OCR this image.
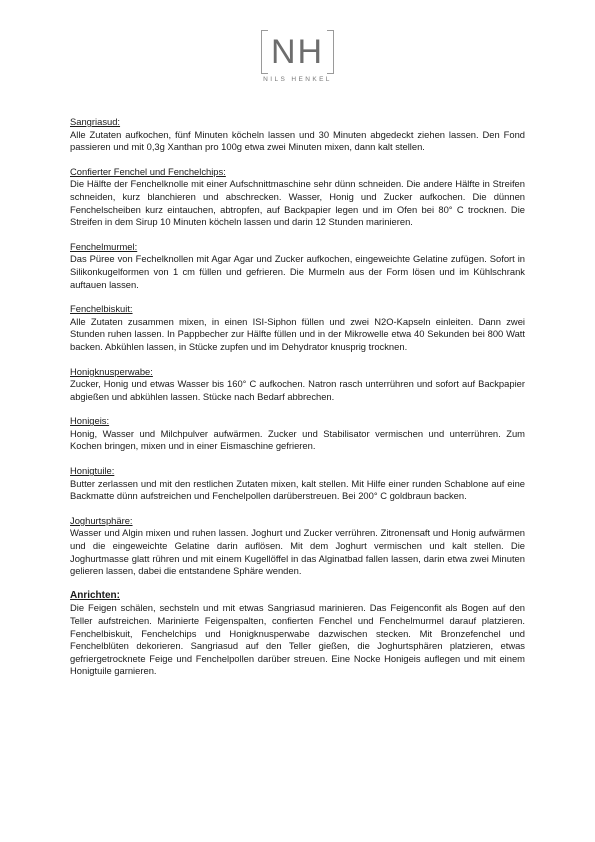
NH
NILS HENKEL
Sangriasud:
Alle Zutaten aufkochen, fünf Minuten köcheln lassen und 30 Minuten abgedeckt ziehen lassen. Den Fond passieren und mit 0,3g Xanthan pro 100g etwa zwei Minuten mixen, dann kalt stellen.
Confierter Fenchel und Fenchelchips:
Die Hälfte der Fenchelknolle mit einer Aufschnittmaschine sehr dünn schneiden. Die andere Hälfte in Streifen schneiden, kurz blanchieren und abschrecken. Wasser, Honig und Zucker aufkochen. Die dünnen Fenchelscheiben kurz eintauchen, abtropfen, auf Backpapier legen und im Ofen bei 80° C trocknen. Die Streifen in dem Sirup 10 Minuten köcheln lassen und darin 12 Stunden marinieren.
Fenchelmurmel:
Das Püree von Fechelknollen mit Agar Agar und Zucker aufkochen, eingeweichte Gelatine zufügen. Sofort in Silikonkugelformen von 1 cm füllen und gefrieren. Die Murmeln aus der Form lösen und im Kühlschrank auftauen lassen.
Fenchelbiskuit:
Alle Zutaten zusammen mixen, in einen ISI-Siphon füllen und zwei N2O-Kapseln einleiten. Dann zwei Stunden ruhen lassen. In Pappbecher zur Hälfte füllen und in der Mikrowelle etwa 40 Sekunden bei 800 Watt backen. Abkühlen lassen, in Stücke zupfen und im Dehydrator knusprig trocknen.
Honigknusperwabe:
Zucker, Honig und etwas Wasser bis 160° C aufkochen. Natron rasch unterrühren und sofort auf Backpapier abgießen und abkühlen lassen. Stücke nach Bedarf abbrechen.
Honigeis:
Honig, Wasser und Milchpulver aufwärmen. Zucker und Stabilisator vermischen und unterrühren. Zum Kochen bringen, mixen und in einer Eismaschine gefrieren.
Honigtuile:
Butter zerlassen und mit den restlichen Zutaten mixen, kalt stellen. Mit Hilfe einer runden Schablone auf eine Backmatte dünn aufstreichen und Fenchelpollen darüberstreuen. Bei 200° C goldbraun backen.
Joghurtsphäre:
Wasser und Algin mixen und ruhen lassen. Joghurt und Zucker verrühren. Zitronensaft und Honig aufwärmen und die eingeweichte Gelatine darin auflösen. Mit dem Joghurt vermischen und kalt stellen. Die Joghurtmasse glatt rühren und mit einem Kugellöffel in das Alginatbad fallen lassen, darin etwa zwei Minuten gelieren lassen, dabei die entstandene Sphäre wenden.
Anrichten:
Die Feigen schälen, sechsteln und mit etwas Sangriasud marinieren. Das Feigenconfit als Bogen auf den Teller aufstreichen. Marinierte Feigenspalten, confierten Fenchel und Fenchelmurmel darauf platzieren. Fenchelbiskuit, Fenchelchips und Honigknusperwabe dazwischen stecken. Mit Bronzefenchel und Fenchelblüten dekorieren. Sangriasud auf den Teller gießen, die Joghurtsphären platzieren, etwas gefriergetrocknete Feige und Fenchelpollen darüber streuen. Eine Nocke Honigeis auflegen und mit einem Honigtuile garnieren.
